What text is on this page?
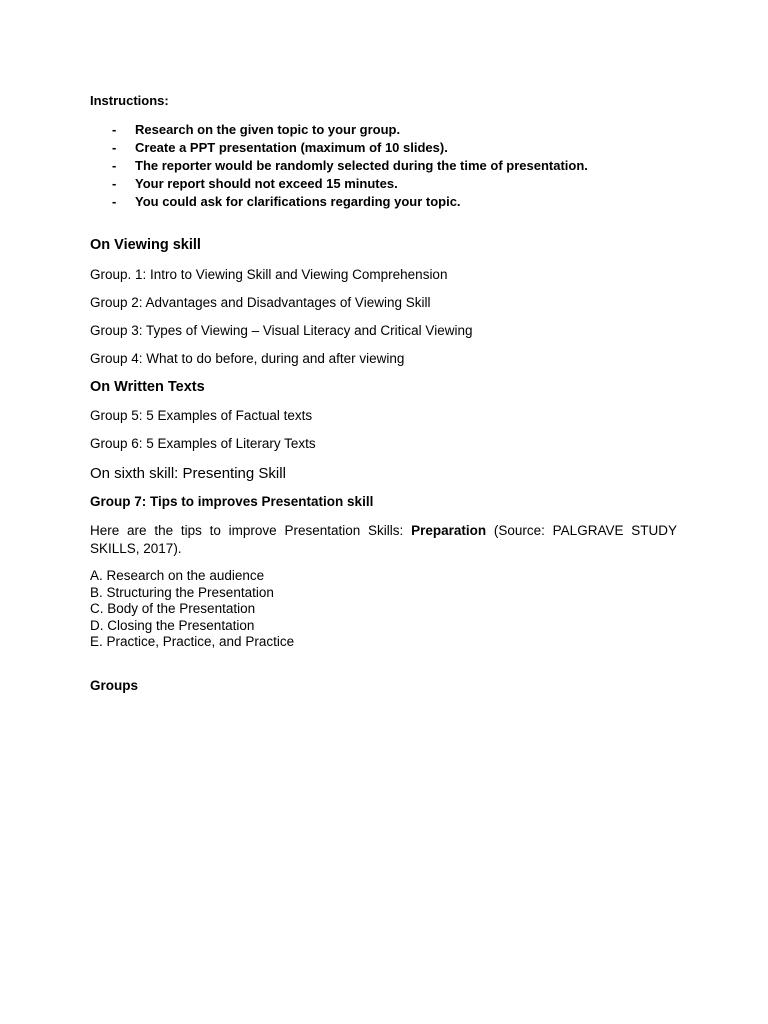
Instructions:
- Research on the given topic to your group.
- Create a PPT presentation (maximum of 10 slides).
- The reporter would be randomly selected during the time of presentation.
- Your report should not exceed 15 minutes.
- You could ask for clarifications regarding your topic.
On Viewing skill
Group. 1: Intro to Viewing Skill and Viewing Comprehension
Group 2: Advantages and Disadvantages of Viewing Skill
Group 3: Types of Viewing – Visual Literacy and Critical Viewing
Group 4: What to do before, during and after viewing
On Written Texts
Group 5: 5 Examples of Factual texts
Group 6: 5 Examples of Literary Texts
On sixth skill: Presenting Skill
Group 7: Tips to improves Presentation skill
Here are the tips to improve Presentation Skills: Preparation (Source: PALGRAVE STUDY SKILLS, 2017).
A. Research on the audience
B. Structuring the Presentation
C. Body of the Presentation
D. Closing the Presentation
E. Practice, Practice, and Practice
Groups
